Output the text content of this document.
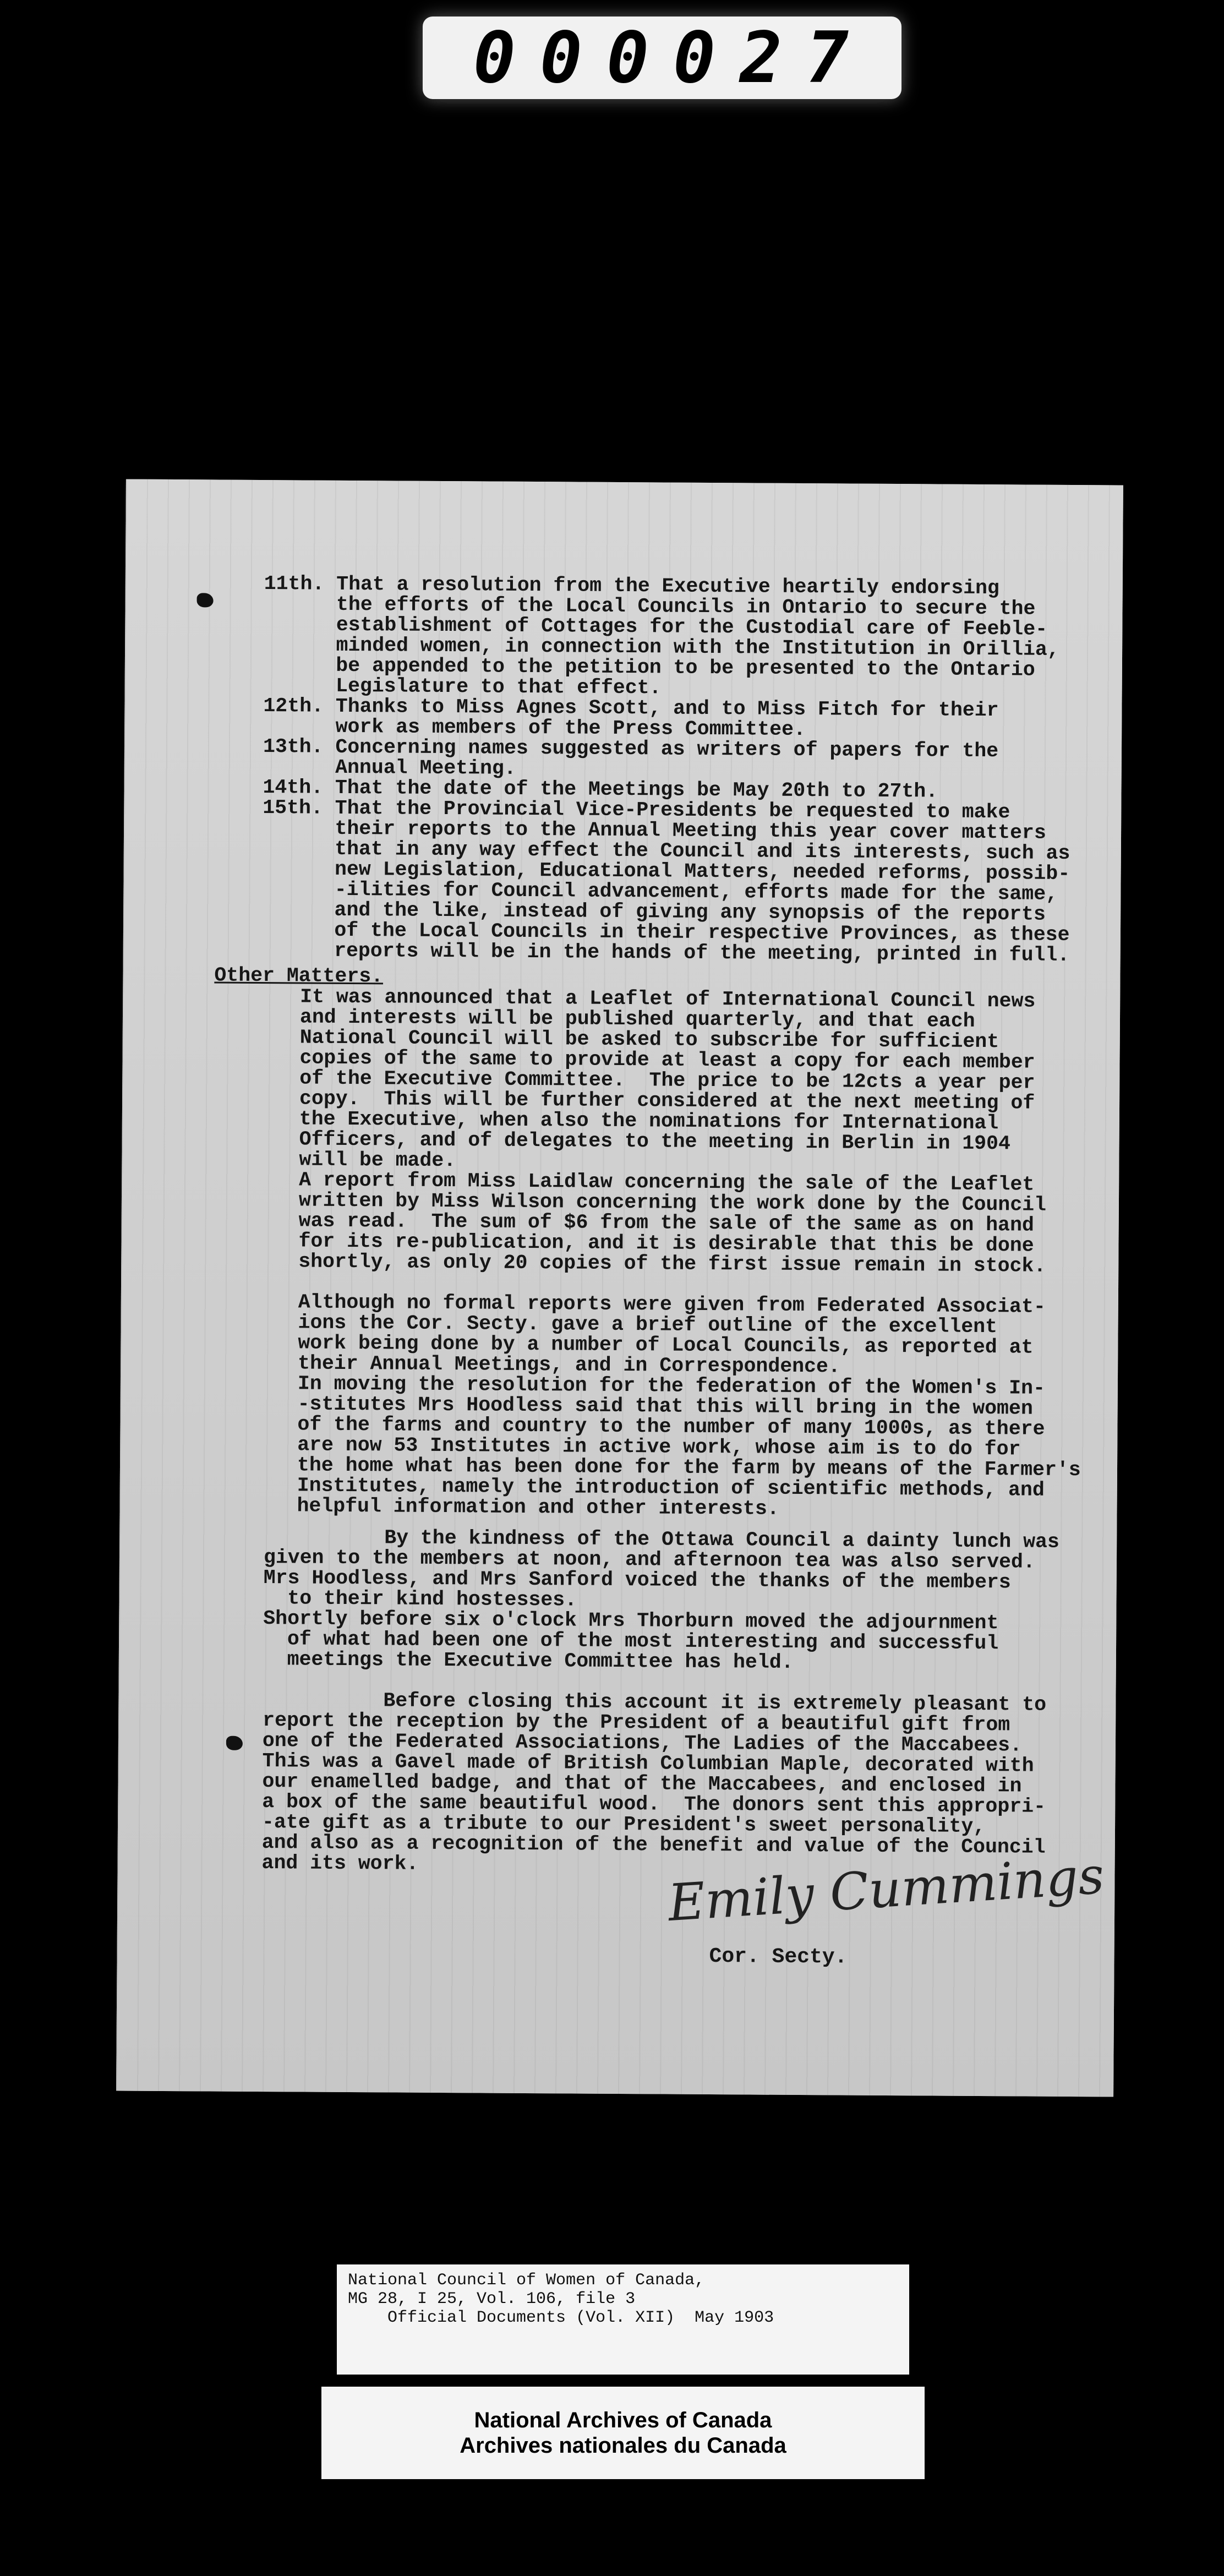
000027
11th. That a resolution from the Executive heartily endorsing
the efforts of the Local Councils in Ontario to secure the
establishment of Cottages for the Custodial care of Feeble-
minded women, in connection with the Institution in Orillia,
be appended to the petition to be presented to the Ontario
Legislature to that effect.
12th. Thanks to Miss Agnes Scott, and to Miss Fitch for their
work as members of the Press Committee.
13th. Concerning names suggested as writers of papers for the
Annual Meeting.
14th. That the date of the Meetings be May 20th to 27th.
15th. That the Provincial Vice-Presidents be requested to make
their reports to the Annual Meeting this year cover matters
that in any way effect the Council and its interests, such as
new Legislation, Educational Matters, needed reforms, possib-
-ilities for Council advancement, efforts made for the same,
and the like, instead of giving any synopsis of the reports
of the Local Councils in their respective Provinces, as these
reports will be in the hands of the meeting, printed in full.
Other Matters.
It was announced that a Leaflet of International Council news
and interests will be published quarterly, and that each
National Council will be asked to subscribe for sufficient
copies of the same to provide at least a copy for each member
of the Executive Committee.  The price to be 12cts a year per
copy.  This will be further considered at the next meeting of
the Executive, when also the nominations for International
Officers, and of delegates to the meeting in Berlin in 1904
will be made.
A report from Miss Laidlaw concerning the sale of the Leaflet
written by Miss Wilson concerning the work done by the Council
was read.  The sum of $6 from the sale of the same as on hand
for its re-publication, and it is desirable that this be done
shortly, as only 20 copies of the first issue remain in stock.

Although no formal reports were given from Federated Associat-
ions the Cor. Secty. gave a brief outline of the excellent
work being done by a number of Local Councils, as reported at
their Annual Meetings, and in Correspondence.
In moving the resolution for the federation of the Women's In-
-stitutes Mrs Hoodless said that this will bring in the women
of the farms and country to the number of many 1000s, as there
are now 53 Institutes in active work, whose aim is to do for
the home what has been done for the farm by means of the Farmer's
Institutes, namely the introduction of scientific methods, and
helpful information and other interests.
By the kindness of the Ottawa Council a dainty lunch was
given to the members at noon, and afternoon tea was also served.
Mrs Hoodless, and Mrs Sanford voiced the thanks of the members
to their kind hostesses.
Shortly before six o'clock Mrs Thorburn moved the adjournment
of what had been one of the most interesting and successful
meetings the Executive Committee has held.

Before closing this account it is extremely pleasant to
report the reception by the President of a beautiful gift from
one of the Federated Associations, The Ladies of the Maccabees.
This was a Gavel made of British Columbian Maple, decorated with
our enamelled badge, and that of the Maccabees, and enclosed in
a box of the same beautiful wood.  The donors sent this appropri-
-ate gift as a tribute to our President's sweet personality,
and also as a recognition of the benefit and value of the Council
and its work.	Emily Cummings
Cor. Secty.
National Council of Women of Canada,
MG 28, I 25, Vol. 106, file 3
Official Documents (Vol. XII)  May 1903
National Archives of Canada
Archives nationales du Canada
